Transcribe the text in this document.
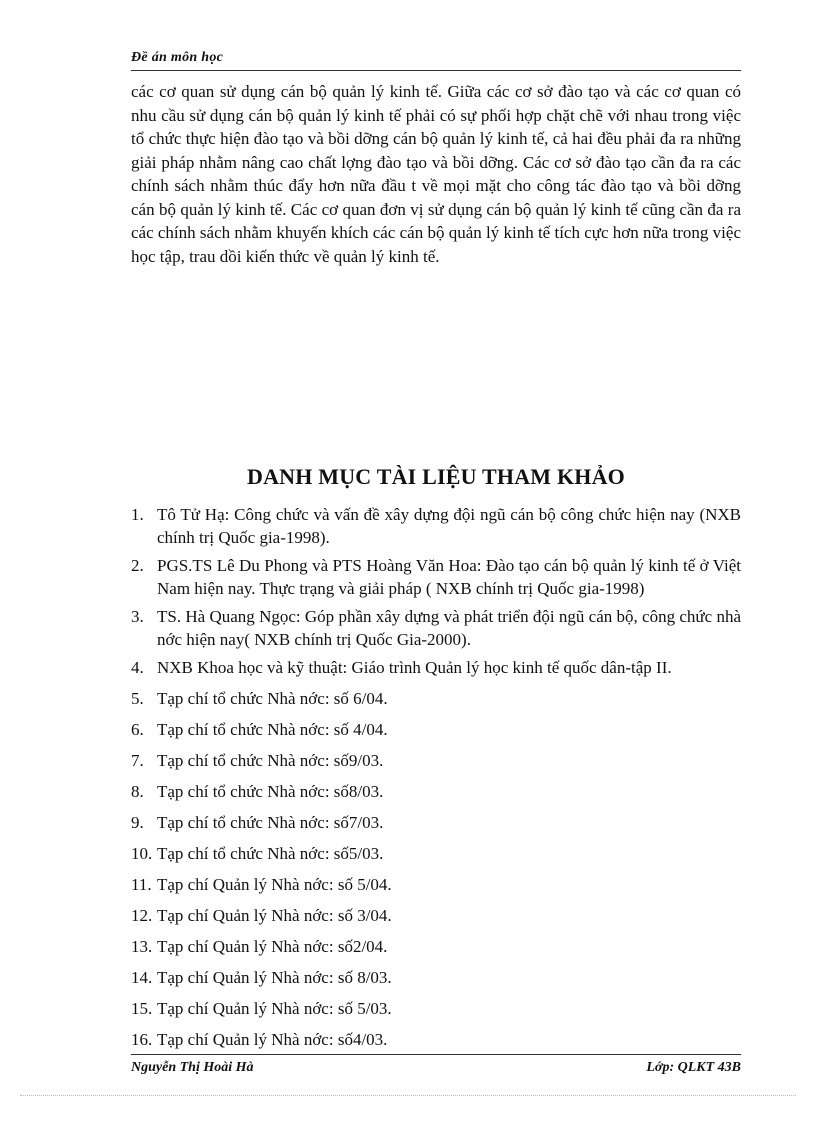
Đề án môn học

các cơ quan sử dụng cán bộ quản lý kinh tế. Giữa các cơ sở đào tạo và các cơ quan có nhu cầu sử dụng cán bộ quản lý kinh tế phải có sự phối hợp chặt chẽ với nhau trong việc tổ chức thực hiện đào tạo và bồi dỡng cán bộ quản lý kinh tế, cả hai đều phải đa ra những giải pháp nhằm nâng cao chất lợng đào tạo và bồi dỡng. Các cơ sở đào tạo cần đa ra các chính sách nhằm thúc đẩy hơn nữa đầu t về mọi mặt cho công tác đào tạo và bồi dỡng cán bộ quản lý kinh tế. Các cơ quan đơn vị sử dụng cán bộ quản lý kinh tế cũng cần đa ra các chính sách nhằm khuyến khích các cán bộ quản lý kinh tế tích cực hơn nữa trong việc học tập, trau dồi kiến thức về quản lý kinh tế.

DANH MỤC TÀI LIỆU THAM KHẢO
1. Tô Tử Hạ: Công chức và vấn đề xây dựng đội ngũ cán bộ công chức hiện nay (NXB chính trị Quốc gia-1998).
2. PGS.TS Lê Du Phong và PTS Hoàng Văn Hoa: Đào tạo cán bộ quản lý kinh tế ở Việt Nam hiện nay. Thực trạng và giải pháp ( NXB chính trị Quốc gia-1998)
3. TS. Hà Quang Ngọc: Góp phần xây dựng và phát triển đội ngũ cán bộ, công chức nhà nớc hiện nay( NXB chính trị Quốc Gia-2000).
4. NXB Khoa học và kỹ thuật: Giáo trình Quản lý học kinh tế quốc dân-tập II.
5. Tạp chí tổ chức Nhà nớc: số 6/04.
6. Tạp chí tổ chức Nhà nớc: số 4/04.
7. Tạp chí tổ chức Nhà nớc: số9/03.
8. Tạp chí tổ chức Nhà nớc: số8/03.
9. Tạp chí tổ chức Nhà nớc: số7/03.
10. Tạp chí tổ chức Nhà nớc: số5/03.
11. Tạp chí Quản lý Nhà nớc: số 5/04.
12. Tạp chí Quản lý Nhà nớc: số 3/04.
13. Tạp chí Quản lý Nhà nớc: số2/04.
14. Tạp chí Quản lý Nhà nớc: số 8/03.
15. Tạp chí Quản lý Nhà nớc: số 5/03.
16. Tạp chí Quản lý Nhà nớc: số4/03.
Nguyễn Thị Hoài Hà	Lớp: QLKT 43B
